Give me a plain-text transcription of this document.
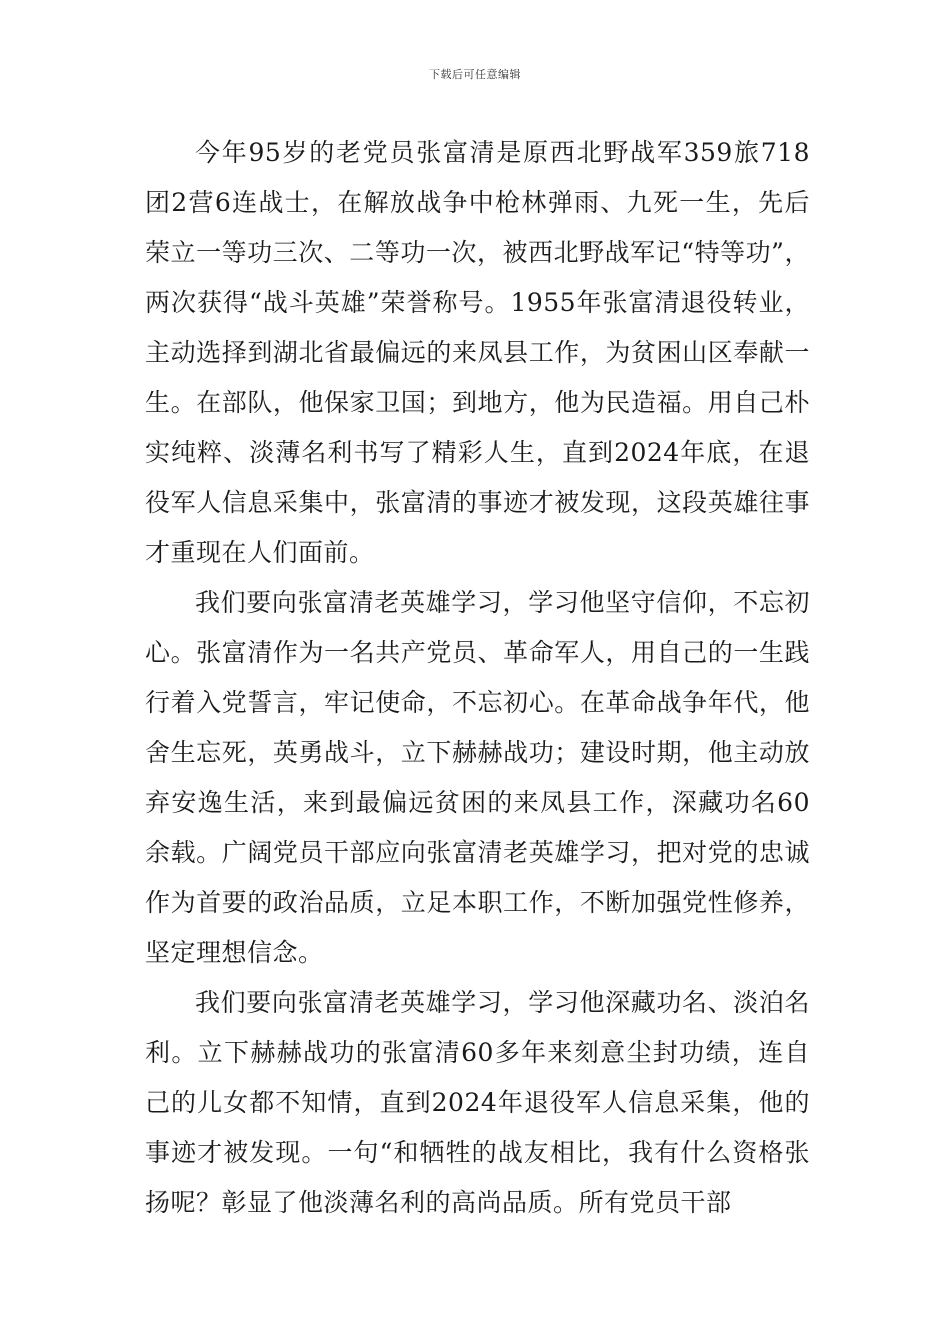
下载后可任意编辑

今年95岁的老党员张富清是原西北野战军359旅718团2营6连战士，在解放战争中枪林弹雨、九死一生，先后荣立一等功三次、二等功一次，被西北野战军记“特等功”，两次获得“战斗英雄”荣誉称号。1955年张富清退役转业，主动选择到湖北省最偏远的来凤县工作，为贫困山区奉献一生。在部队，他保家卫国；到地方，他为民造福。用自己朴实纯粹、淡薄名利书写了精彩人生，直到2024年底，在退役军人信息采集中，张富清的事迹才被发现，这段英雄往事才重现在人们面前。

我们要向张富清老英雄学习，学习他坚守信仰，不忘初心。张富清作为一名共产党员、革命军人，用自己的一生践行着入党誓言，牢记使命，不忘初心。在革命战争年代，他舍生忘死，英勇战斗，立下赫赫战功；建设时期，他主动放弃安逸生活，来到最偏远贫困的来凤县工作，深藏功名60余载。广阔党员干部应向张富清老英雄学习，把对党的忠诚作为首要的政治品质，立足本职工作，不断加强党性修养，坚定理想信念。

我们要向张富清老英雄学习，学习他深藏功名、淡泊名利。立下赫赫战功的张富清60多年来刻意尘封功绩，连自己的儿女都不知情，直到2024年退役军人信息采集，他的事迹才被发现。一句“和牺牲的战友相比，我有什么资格张扬呢？彰显了他淡薄名利的高尚品质。所有党员干部
